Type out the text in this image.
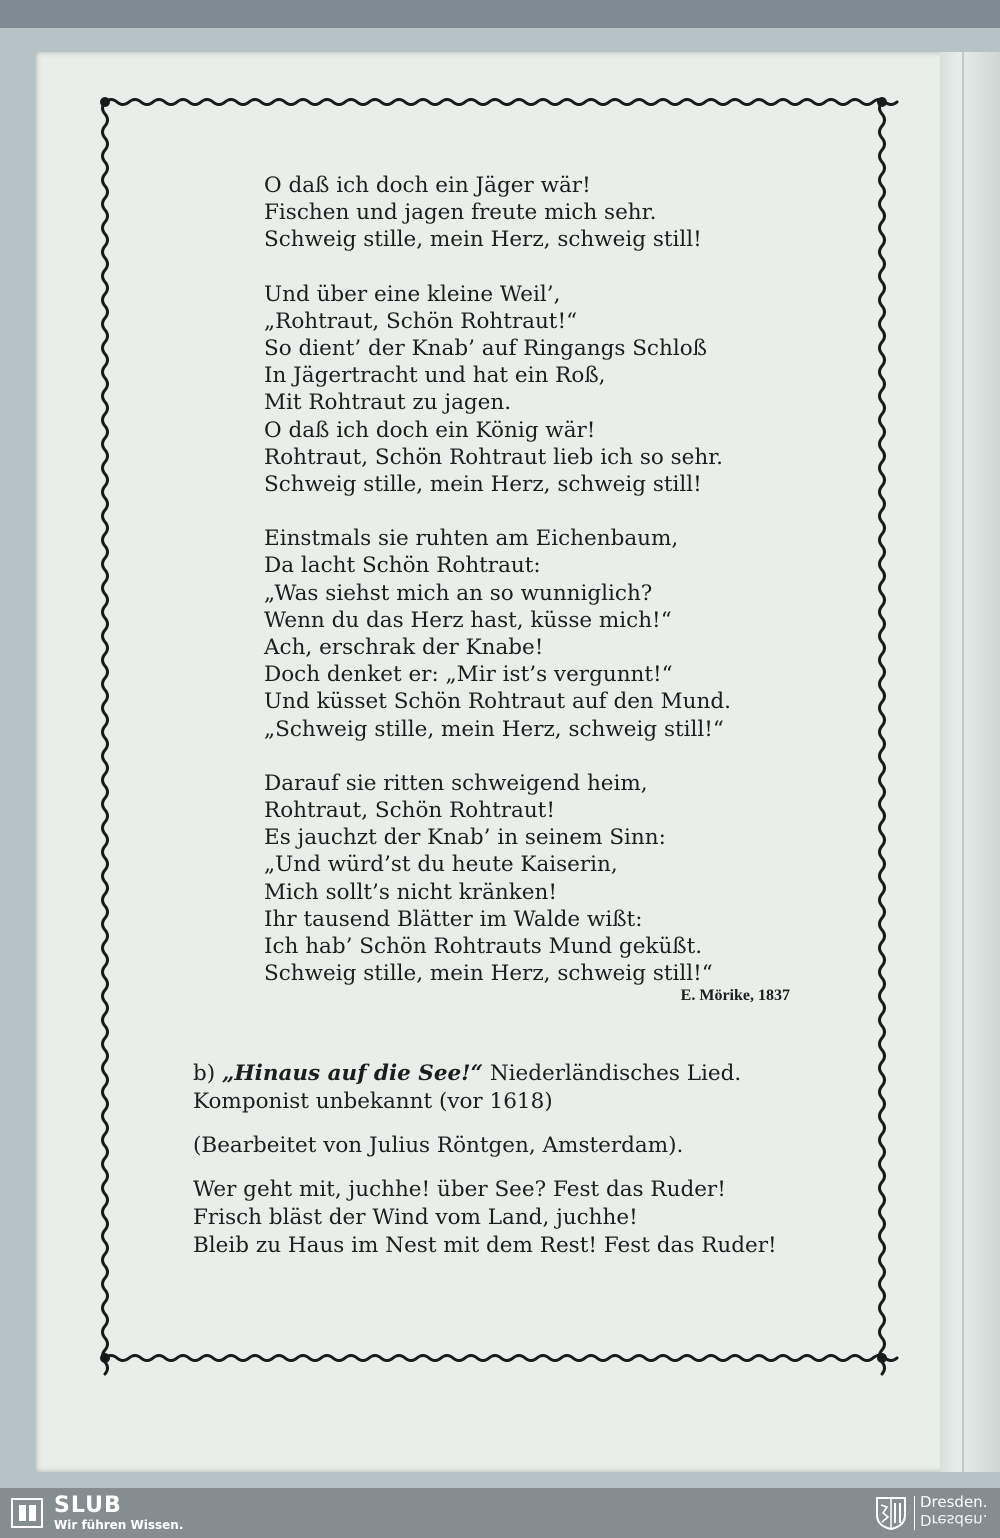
O daß ich doch ein Jäger wär!
Fischen und jagen freute mich sehr.
Schweig stille, mein Herz, schweig still!
Und über eine kleine Weil’,
„Rohtraut, Schön Rohtraut!“
So dient’ der Knab’ auf Ringangs Schloß
In Jägertracht und hat ein Roß,
Mit Rohtraut zu jagen.
O daß ich doch ein König wär!
Rohtraut, Schön Rohtraut lieb ich so sehr.
Schweig stille, mein Herz, schweig still!
Einstmals sie ruhten am Eichenbaum,
Da lacht Schön Rohtraut:
„Was siehst mich an so wunniglich?
Wenn du das Herz hast, küsse mich!“
Ach, erschrak der Knabe!
Doch denket er: „Mir ist’s vergunnt!“
Und küsset Schön Rohtraut auf den Mund.
„Schweig stille, mein Herz, schweig still!“
Darauf sie ritten schweigend heim,
Rohtraut, Schön Rohtraut!
Es jauchzt der Knab’ in seinem Sinn:
„Und würd’st du heute Kaiserin,
Mich sollt’s nicht kränken!
Ihr tausend Blätter im Walde wißt:
Ich hab’ Schön Rohtrauts Mund geküßt.
Schweig stille, mein Herz, schweig still!“
E. Mörike, 1837
b) „Hinaus auf die See!“ Niederländisches Lied.
Komponist unbekannt (vor 1618)
(Bearbeitet von Julius Röntgen, Amsterdam).
Wer geht mit, juchhe! über See? Fest das Ruder!
Frisch bläst der Wind vom Land, juchhe!
Bleib zu Haus im Nest mit dem Rest! Fest das Ruder!
SLUB
Wir führen Wissen.
Dresden.
Dresden.
